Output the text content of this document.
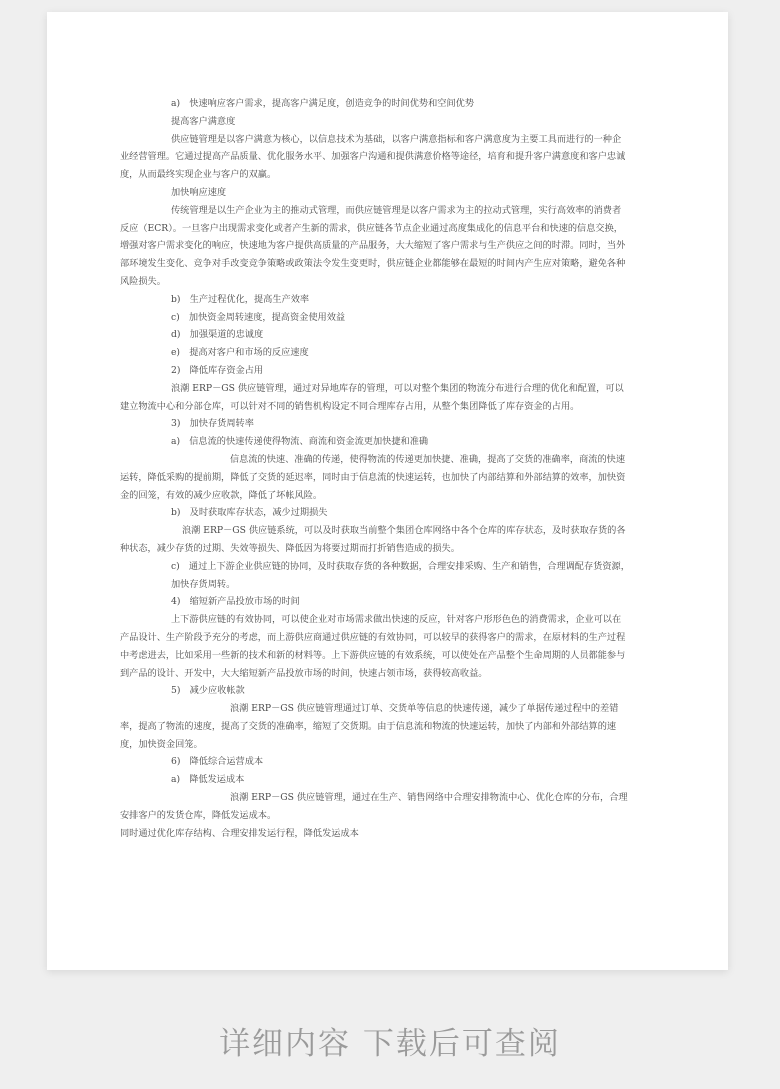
a)　快速响应客户需求，提高客户满足度，创造竞争的时间优势和空间优势

提高客户满意度

供应链管理是以客户满意为核心，以信息技术为基础，以客户满意指标和客户满意度为主要工具而进行的一种企业经营管理。它通过提高产品质量、优化服务水平、加强客户沟通和提供满意价格等途径，培育和提升客户满意度和客户忠诚度，从而最终实现企业与客户的双赢。

加快响应速度

传统管理是以生产企业为主的推动式管理，而供应链管理是以客户需求为主的拉动式管理，实行高效率的消费者反应（ECR）。一旦客户出现需求变化或者产生新的需求，供应链各节点企业通过高度集成化的信息平台和快速的信息交换，增强对客户需求变化的响应，快速地为客户提供高质量的产品服务，大大缩短了客户需求与生产供应之间的时滞。同时，当外部环境发生变化、竞争对手改变竞争策略或政策法令发生变更时，供应链企业都能够在最短的时间内产生应对策略，避免各种风险损失。

b)　生产过程优化，提高生产效率

c)　加快资金周转速度，提高资金使用效益

d)　加强渠道的忠诚度

e)　提高对客户和市场的反应速度

2)　降低库存资金占用

浪潮 ERP－GS 供应链管理，通过对异地库存的管理，可以对整个集团的物流分布进行合理的优化和配置，可以建立物流中心和分部仓库，可以针对不同的销售机构设定不同合理库存占用，从整个集团降低了库存资金的占用。

3)　加快存货周转率

a)　信息流的快速传递使得物流、商流和资金流更加快捷和准确

信息流的快速、准确的传递，使得物流的传递更加快捷、准确，提高了交货的准确率，商流的快速运转，降低采购的提前期，降低了交货的延迟率，同时由于信息流的快速运转，也加快了内部结算和外部结算的效率，加快资金的回笼，有效的减少应收款，降低了坏帐风险。

b)　及时获取库存状态，减少过期损失

浪潮 ERP－GS 供应链系统，可以及时获取当前整个集团仓库网络中各个仓库的库存状态，及时获取存货的各种状态，减少存货的过期、失效等损失、降低因为将要过期而打折销售造成的损失。

c)　通过上下游企业供应链的协同，及时获取存货的各种数据，合理安排采购、生产和销售，合理调配存货资源，加快存货周转。

4)　缩短新产品投放市场的时间

上下游供应链的有效协同，可以使企业对市场需求做出快速的反应，针对客户形形色色的消费需求，企业可以在产品设计、生产阶段予充分的考虑，而上游供应商通过供应链的有效协同，可以较早的获得客户的需求，在原材料的生产过程中考虑进去，比如采用一些新的技术和新的材料等。上下游供应链的有效系统，可以使处在产品整个生命周期的人员都能参与到产品的设计、开发中，大大缩短新产品投放市场的时间，快速占领市场，获得较高收益。

5)　减少应收帐款

浪潮 ERP－GS 供应链管理通过订单、交货单等信息的快速传递，减少了单据传递过程中的差错率，提高了物流的速度，提高了交货的准确率，缩短了交货期。由于信息流和物流的快速运转，加快了内部和外部结算的速度，加快资金回笼。

6)　降低综合运营成本

a)　降低发运成本

浪潮 ERP－GS 供应链管理，通过在生产、销售网络中合理安排物流中心、优化仓库的分布，合理安排客户的发货仓库，降低发运成本。

同时通过优化库存结构、合理安排发运行程，降低发运成本

详细内容 下载后可查阅
